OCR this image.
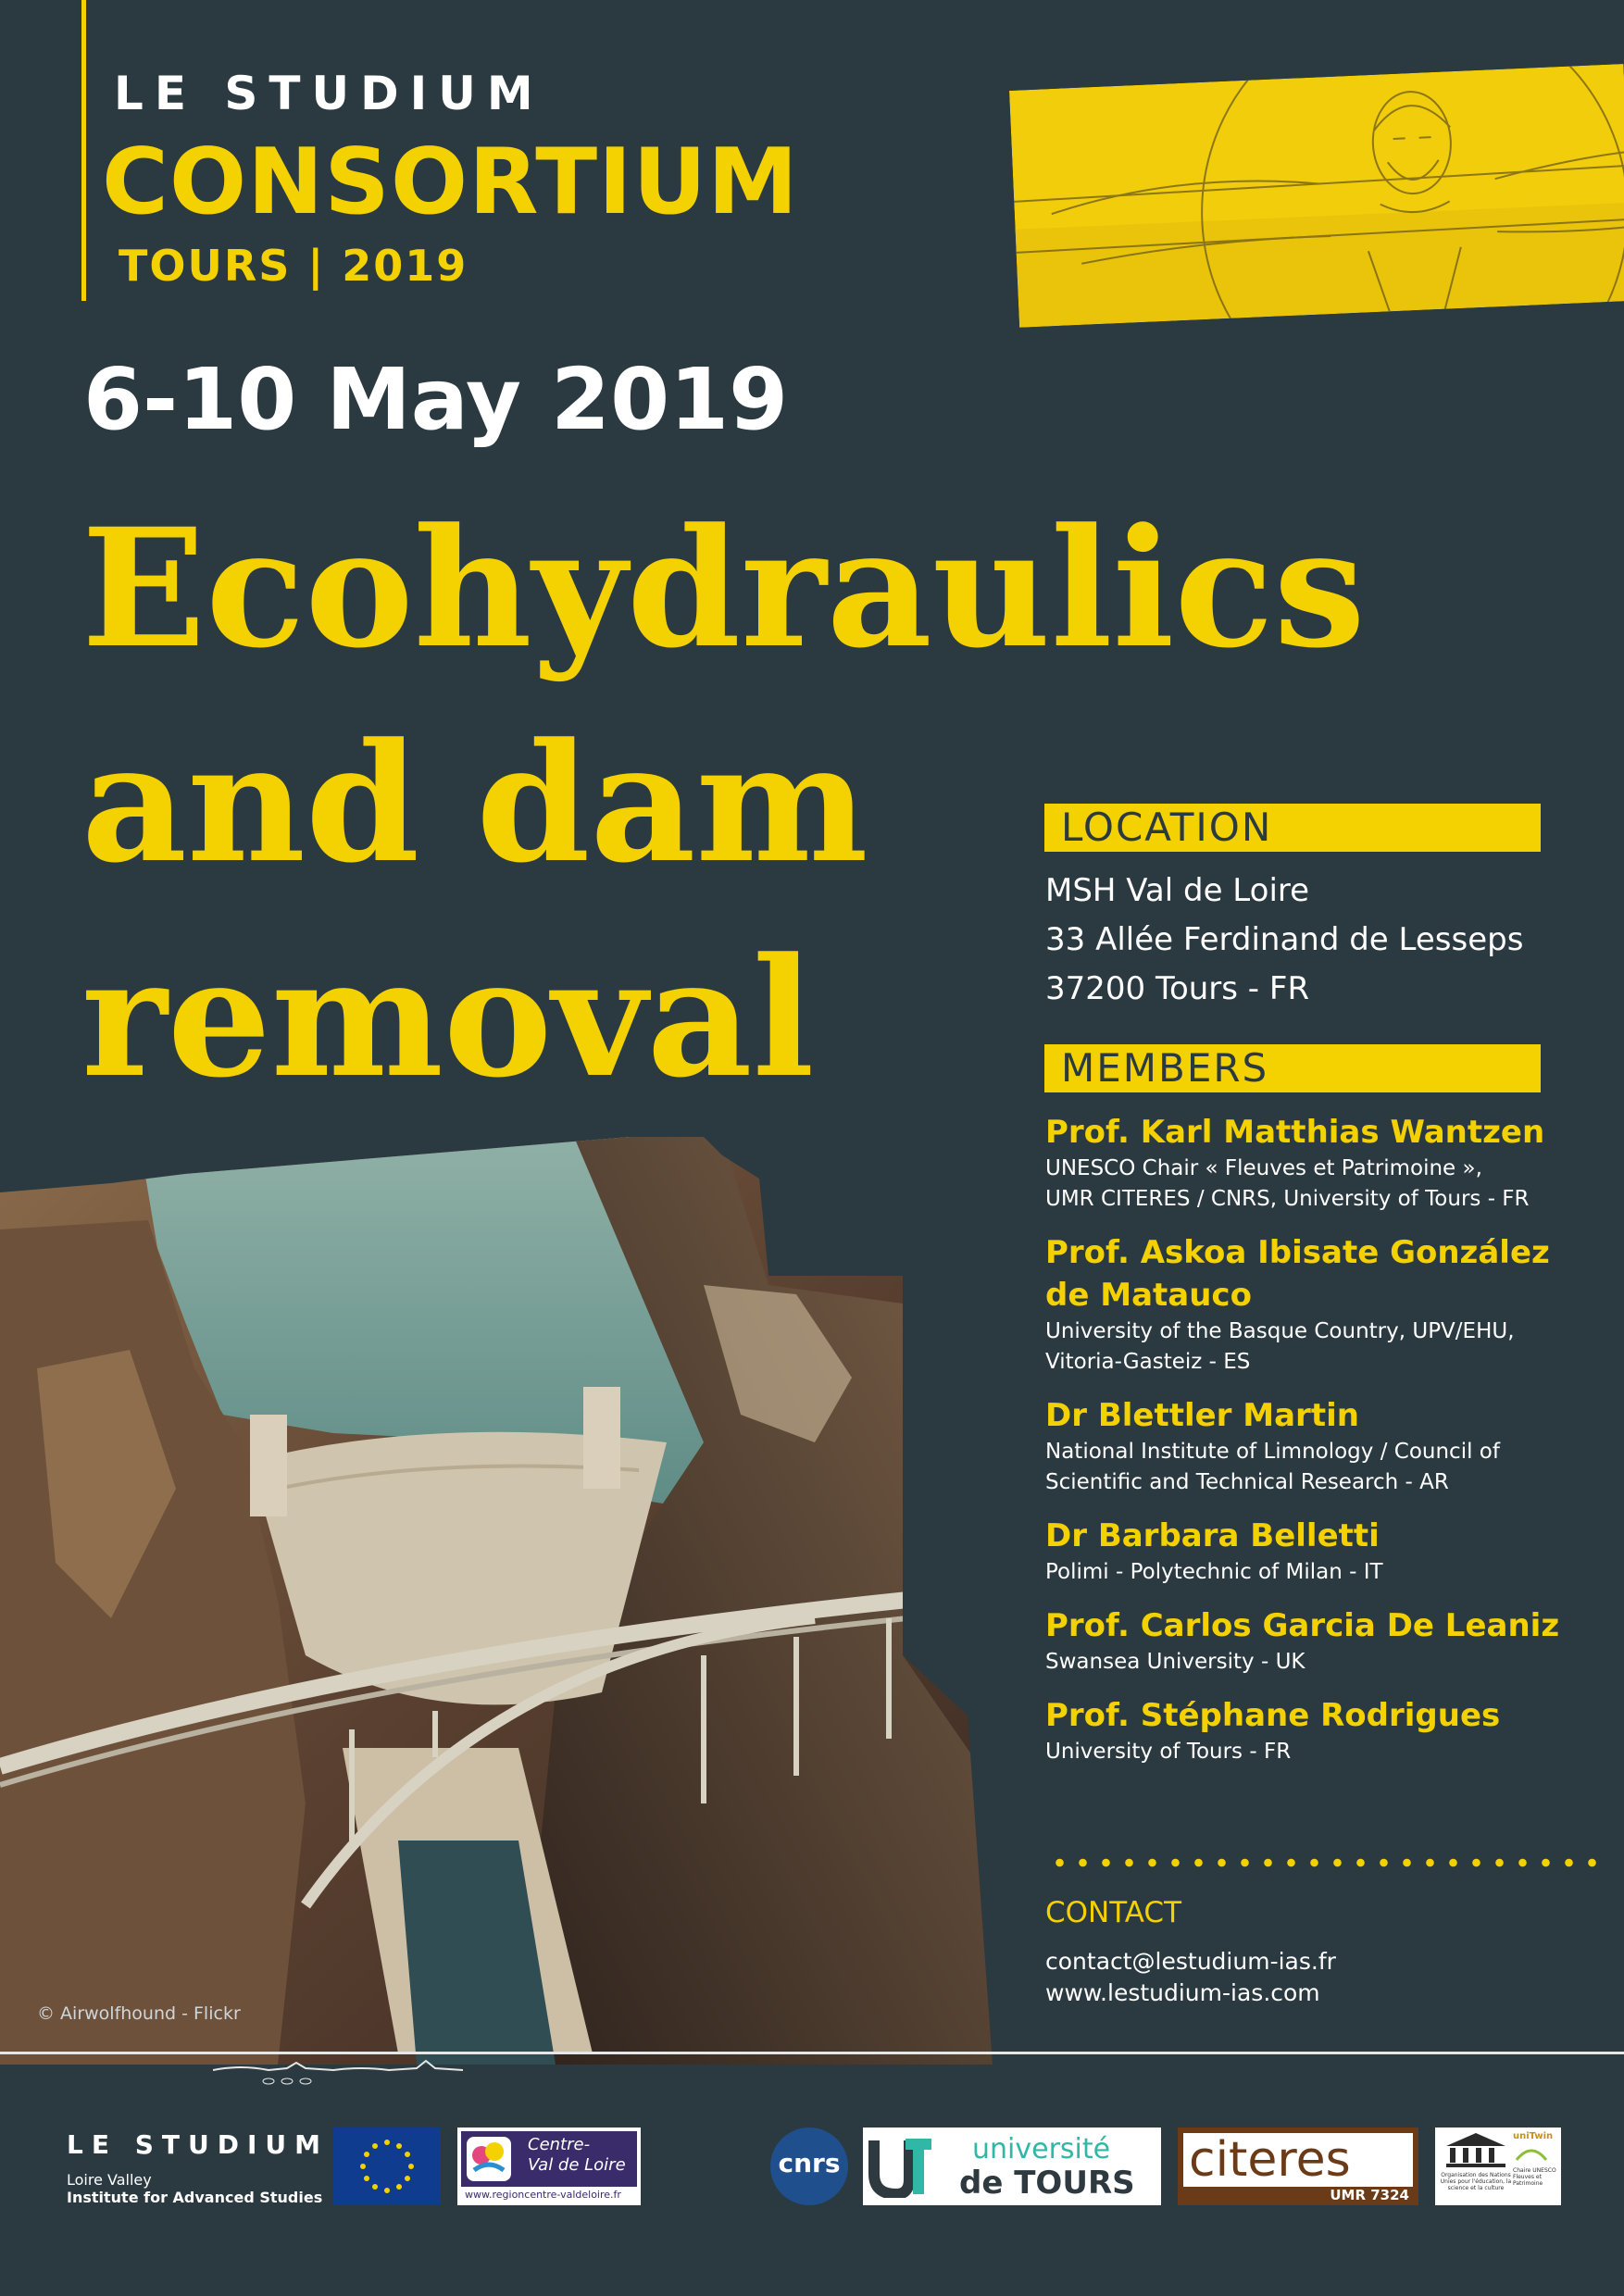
LE STUDIUM
CONSORTIUM
TOURS | 2019
6-10 May 2019
Ecohydraulics
and dam
removal
LOCATION
MSH Val de Loire
33 Allée Ferdinand de Lesseps
37200 Tours - FR
MEMBERS
Prof. Karl Matthias Wantzen
UNESCO Chair « Fleuves et Patrimoine »,
UMR CITERES / CNRS, University of Tours - FR
Prof. Askoa Ibisate González
de Matauco
University of the Basque Country, UPV/EHU,
Vitoria-Gasteiz - ES
Dr Blettler Martin
National Institute of Limnology / Council of
Scientific and Technical Research - AR
Dr Barbara Belletti
Polimi - Polytechnic of Milan - IT
Prof. Carlos Garcia De Leaniz
Swansea University - UK
Prof. Stéphane Rodrigues
University of Tours - FR
CONTACT
contact@lestudium-ias.fr
www.lestudium-ias.com
© Airwolfhound - Flickr
LE STUDIUM
Loire Valley
Institute for Advanced Studies
Centre-
Val de Loire
www.regioncentre-valdeloire.fr
cnrs	université
de TOURS citeres
UMR 7324
Organisation des Nations Unies pour l'éducation, la science et la culture
uniTwin
Chaire UNESCO Fleuves et Patrimoine
